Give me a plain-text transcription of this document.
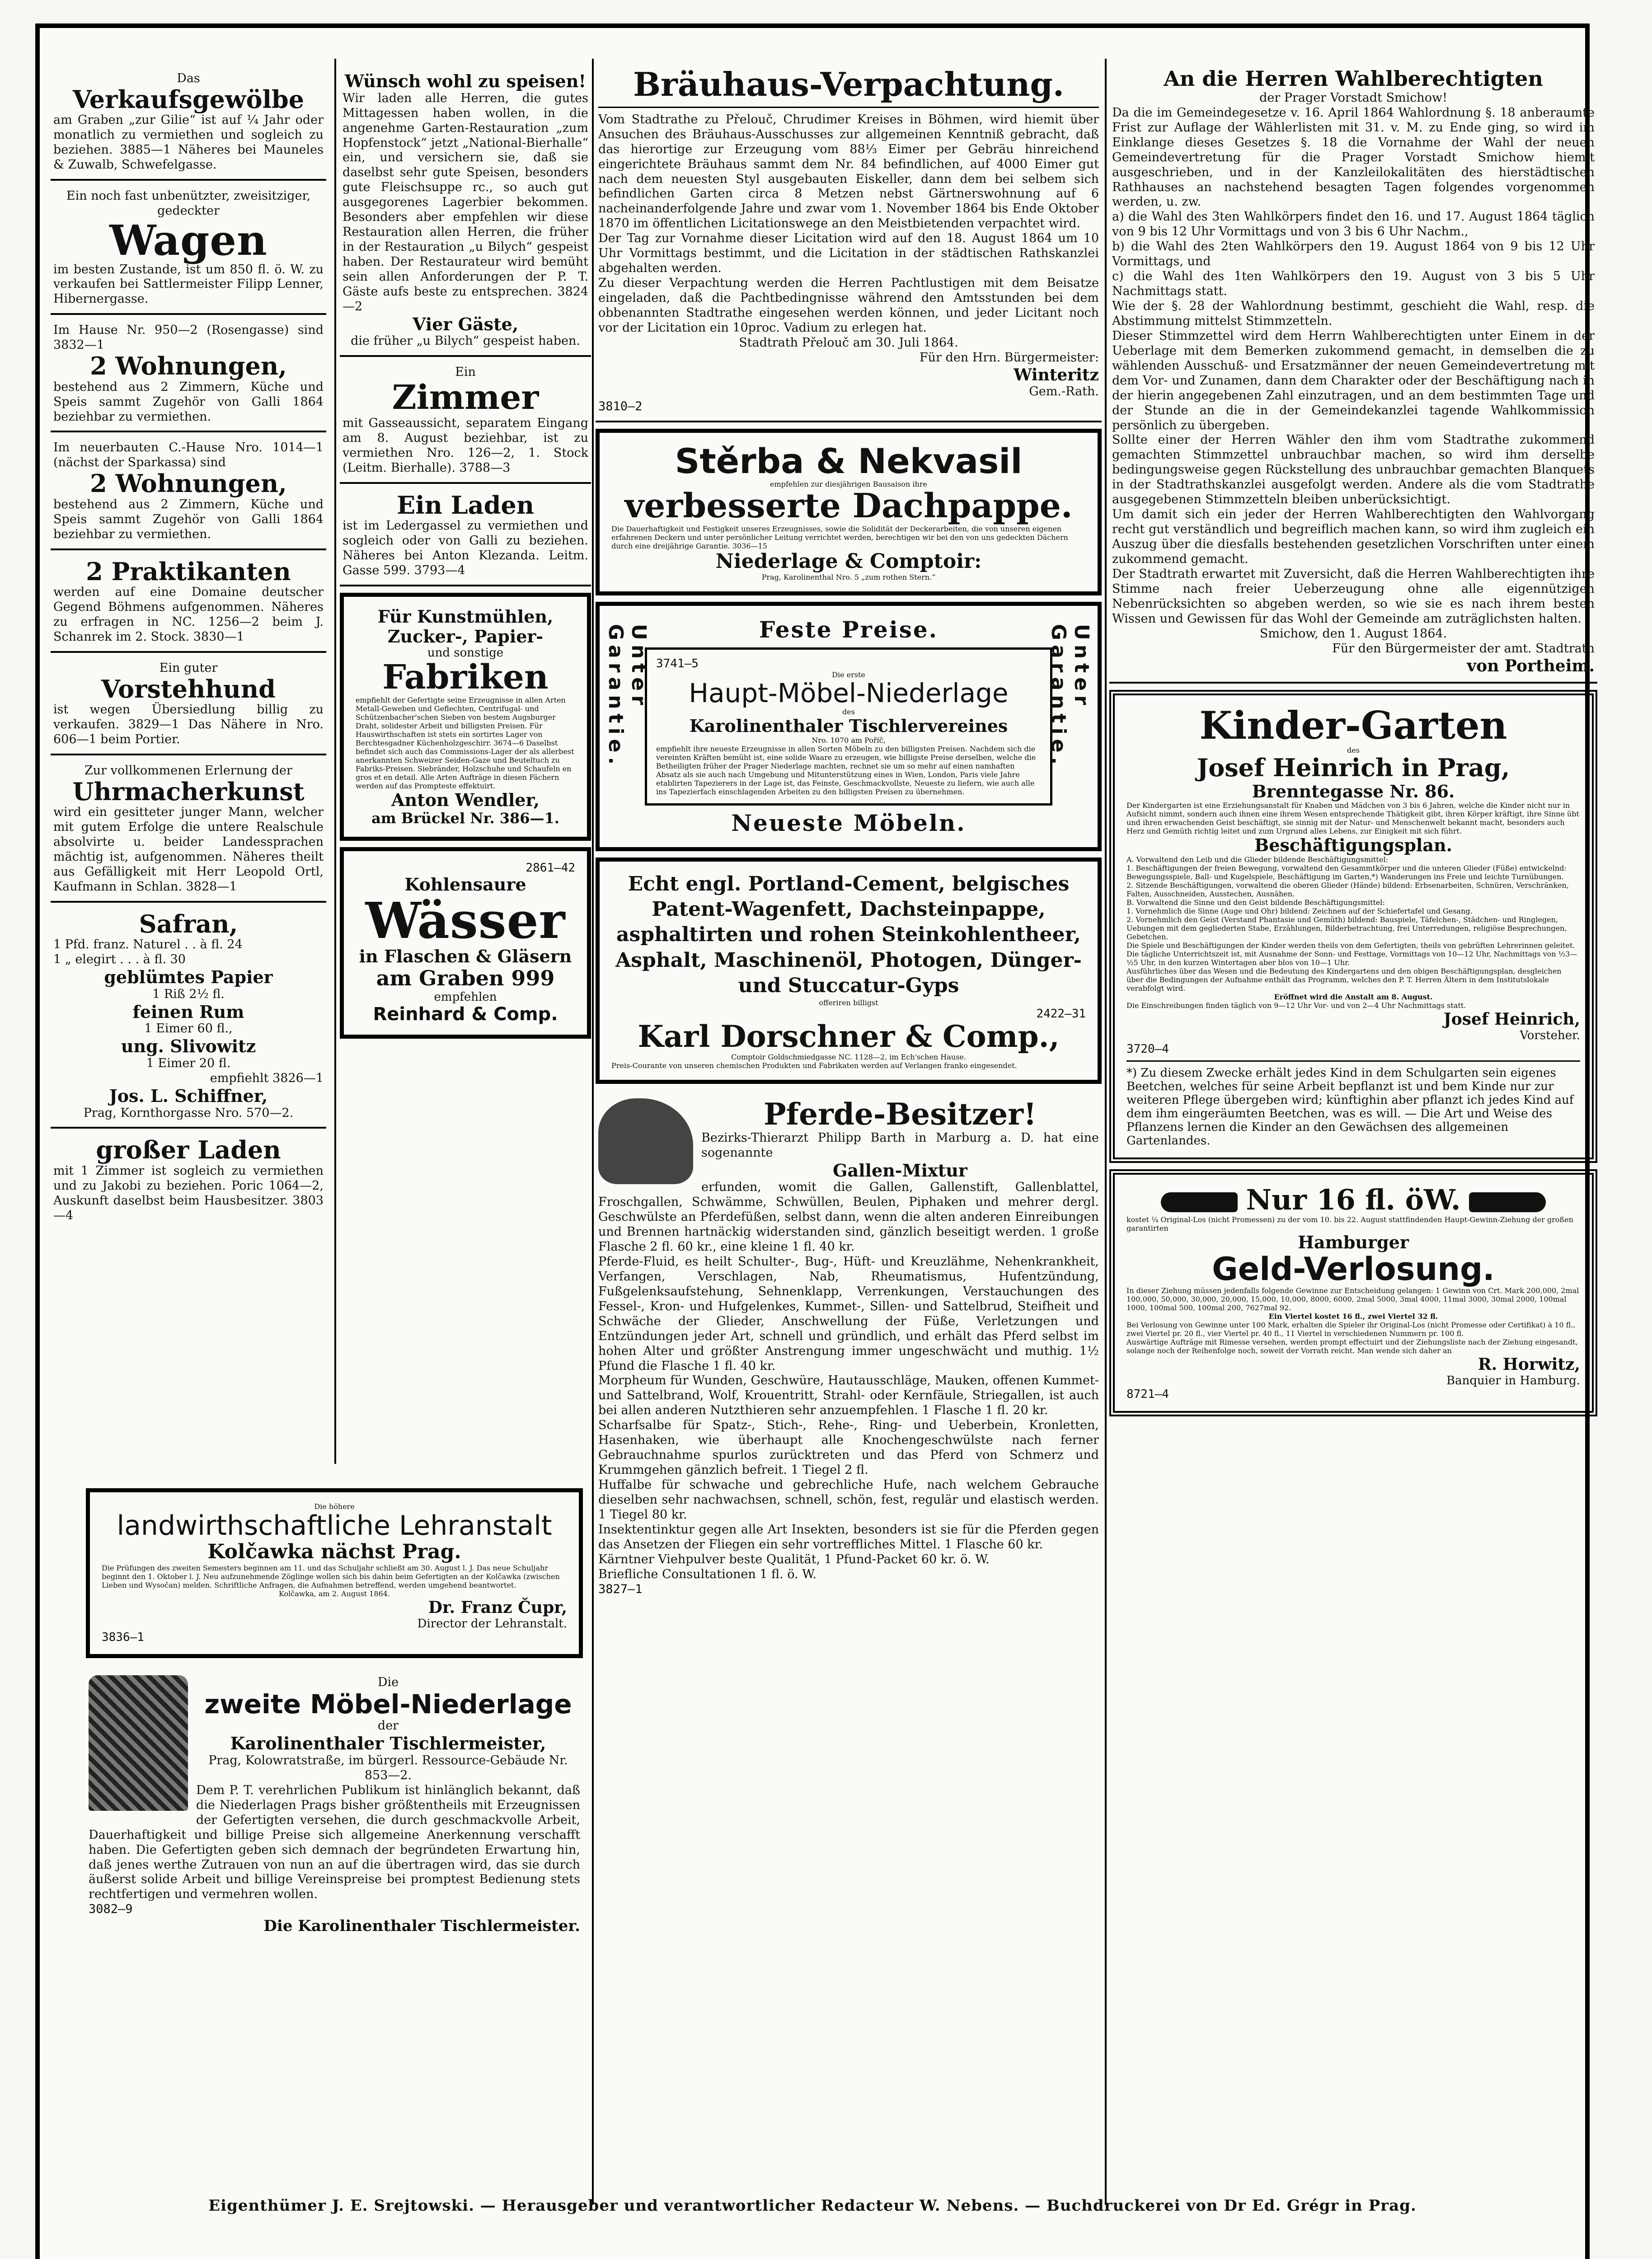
Das

Verkaufsgewölbe

am Graben „zur Gilie“ ist auf ¼ Jahr oder monatlich zu vermiethen und sogleich zu beziehen. 3885—1 Näheres bei Mauneles & Zuwalb, Schwefelgasse.

Ein noch fast unbenützter, zweisitziger, gedeckter

Wagen

im besten Zustande, ist um 850 fl. ö. W. zu verkaufen bei Sattlermeister Filipp Lenner, Hibernergasse.

Im Hause Nr. 950—2 (Rosengasse) sind 3832—1

2 Wohnungen,

bestehend aus 2 Zimmern, Küche und Speis sammt Zugehör von Galli 1864 beziehbar zu vermiethen.

Im neuerbauten C.-Hause Nro. 1014—1 (nächst der Sparkassa) sind

2 Wohnungen,

bestehend aus 2 Zimmern, Küche und Speis sammt Zugehör von Galli 1864 beziehbar zu vermiethen.

2 Praktikanten

werden auf eine Domaine deutscher Gegend Böhmens aufgenommen. Näheres zu erfragen in NC. 1256—2 beim J. Schanrek im 2. Stock. 3830—1

Ein guter

Vorstehhund

ist wegen Übersiedlung billig zu verkaufen. 3829—1 Das Nähere in Nro. 606—1 beim Portier.

Zur vollkommenen Erlernung der

Uhrmacherkunst

wird ein gesitteter junger Mann, welcher mit gutem Erfolge die untere Realschule absolvirte u. beider Landessprachen mächtig ist, aufgenommen. Näheres theilt aus Gefälligkeit mit Herr Leopold Ortl, Kaufmann in Schlan. 3828—1

Safran,

1 Pfd. franz. Naturel . . à fl. 24

1 „ elegirt . . . à fl. 30

geblümtes Papier

1 Riß 2½ fl.

feinen Rum

1 Eimer 60 fl.,

ung. Slivowitz

1 Eimer 20 fl.

empfiehlt 3826—1

Jos. L. Schiffner,

Prag, Kornthorgasse Nro. 570—2.

großer Laden

mit 1 Zimmer ist sogleich zu vermiethen und zu Jakobi zu beziehen. Poric 1064—2, Auskunft daselbst beim Hausbesitzer. 3803—4

Wünsch wohl zu speisen!

Wir laden alle Herren, die gutes Mittagessen haben wollen, in die angenehme Garten-Restauration „zum Hopfenstock“ jetzt „National-Bierhalle“ ein, und versichern sie, daß sie daselbst sehr gute Speisen, besonders gute Fleischsuppe rc., so auch gut ausgegorenes Lagerbier bekommen. Besonders aber empfehlen wir diese Restauration allen Herren, die früher in der Restauration „u Bilych“ gespeist haben. Der Restaurateur wird bemüht sein allen Anforderungen der P. T. Gäste aufs beste zu entsprechen. 3824—2

Vier Gäste,

die früher „u Bilych“ gespeist haben.

Ein

Zimmer

mit Gasseaussicht, separatem Eingang am 8. August beziehbar, ist zu vermiethen Nro. 126—2, 1. Stock (Leitm. Bierhalle). 3788—3

Ein Laden

ist im Ledergassel zu vermiethen und sogleich oder von Galli zu beziehen. Näheres bei Anton Klezanda. Leitm. Gasse 599. 3793—4

Für Kunstmühlen,
Zucker-, Papier-

und sonstige

Fabriken

empfiehlt der Gefertigte seine Erzeugnisse in allen Arten Metall-Geweben und Geflechten, Centrifugal- und Schützenbacher'schen Sieben von bestem Augsburger Draht, solidester Arbeit und billigsten Preisen. Für Hauswirthschaften ist stets ein sortirtes Lager von Berchtesgadner Küchenholzgeschirr. 3674—6 Daselbst befindet sich auch das Commissions-Lager der als allerbest anerkannten Schweizer Seiden-Gaze und Beuteltuch zu Fabriks-Preisen. Siebränder, Holzschuhe und Schaufeln en gros et en detail. Alle Arten Aufträge in diesen Fächern werden auf das Prompteste effektuirt.

Anton Wendler,
am Brückel Nr. 386—1.

2861—42

Kohlensaure
Wässer
in Flaschen & Gläsern
am Graben 999

empfehlen

Reinhard & Comp.
Bräuhaus-Verpachtung.

Vom Stadtrathe zu Přelouč, Chrudimer Kreises in Böhmen, wird hiemit über Ansuchen des Bräuhaus-Ausschusses zur allgemeinen Kenntniß gebracht, daß das hierortige zur Erzeugung vom 88⅓ Eimer per Gebräu hinreichend eingerichtete Bräuhaus sammt dem Nr. 84 befindlichen, auf 4000 Eimer gut nach dem neuesten Styl ausgebauten Eiskeller, dann dem bei selbem sich befindlichen Garten circa 8 Metzen nebst Gärtnerswohnung auf 6 nacheinanderfolgende Jahre und zwar vom 1. November 1864 bis Ende Oktober 1870 im öffentlichen Licitationswege an den Meistbietenden verpachtet wird.

Der Tag zur Vornahme dieser Licitation wird auf den 18. August 1864 um 10 Uhr Vormittags bestimmt, und die Licitation in der städtischen Rathskanzlei abgehalten werden.

Zu dieser Verpachtung werden die Herren Pachtlustigen mit dem Beisatze eingeladen, daß die Pachtbedingnisse während den Amtsstunden bei dem obbenannten Stadtrathe eingesehen werden können, und jeder Licitant noch vor der Licitation ein 10proc. Vadium zu erlegen hat.

Stadtrath Přelouč am 30. Juli 1864.

Für den Hrn. Bürgermeister:

Winteritz

Gem.-Rath.

3810—2

Stěrba & Nekvasil

empfehlen zur diesjährigen Bausaison ihre

verbesserte Dachpappe.

Die Dauerhaftigkeit und Festigkeit unseres Erzeugnisses, sowie die Solidität der Deckerarbeiten, die von unseren eigenen erfahrenen Deckern und unter persönlicher Leitung verrichtet werden, berechtigen wir bei den von uns gedeckten Dächern durch eine dreijährige Garantie. 3036—15

Niederlage & Comptoir:

Prag, Karolinenthal Nro. 5 „zum rothen Stern.“

Feste Preise.
Unter Garantie.	Unter Garantie.

3741—5

Die erste

Haupt-Möbel-Niederlage

des

Karolinenthaler Tischlervereines

Nro. 1070 am Poříč,

empfiehlt ihre neueste Erzeugnisse in allen Sorten Möbeln zu den billigsten Preisen. Nachdem sich die vereinten Kräften bemüht ist, eine solide Waare zu erzeugen, wie billigste Preise derselben, welche die Betheiligten früher der Prager Niederlage machten, rechnet sie um so mehr auf einen namhaften Absatz als sie auch nach Umgebung und Mitunterstützung eines in Wien, London, Paris viele Jahre etablirten Tapezierers in der Lage ist, das Feinste, Geschmackvollste, Neueste zu liefern, wie auch alle ins Tapezierfach einschlagenden Arbeiten zu den billigsten Preisen zu übernehmen.

Neueste Möbeln.
Echt engl. Portland-Cement, belgisches Patent-Wagenfett, Dachsteinpappe, asphaltirten und rohen Steinkohlentheer, Asphalt, Maschinenöl, Photogen, Dünger- und Stuccatur-Gyps

offeriren billigst

2422—31

Karl Dorschner & Comp.,

Comptoir Goldschmiedgasse NC. 1128—2, im Ech'schen Hause.

Preis-Courante von unseren chemischen Produkten und Fabrikaten werden auf Verlangen franko eingesendet.

Pferde-Besitzer!

Bezirks-Thierarzt Philipp Barth in Marburg a. D. hat eine sogenannte

Gallen-Mixtur

erfunden, womit die Gallen, Gallenstift, Gallenblattel, Froschgallen, Schwämme, Schwüllen, Beulen, Piphaken und mehrer dergl. Geschwülste an Pferdefüßen, selbst dann, wenn die alten anderen Einreibungen und Brennen hartnäckig widerstanden sind, gänzlich beseitigt werden. 1 große Flasche 2 fl. 60 kr., eine kleine 1 fl. 40 kr.

Pferde-Fluid, es heilt Schulter-, Bug-, Hüft- und Kreuzlähme, Nehenkrankheit, Verfangen, Verschlagen, Nab, Rheumatismus, Hufentzündung, Fußgelenksaufstehung, Sehnenklapp, Verrenkungen, Verstauchungen des Fessel-, Kron- und Hufgelenkes, Kummet-, Sillen- und Sattelbrud, Steifheit und Schwäche der Glieder, Anschwellung der Füße, Verletzungen und Entzündungen jeder Art, schnell und gründlich, und erhält das Pferd selbst im hohen Alter und größter Anstrengung immer ungeschwächt und muthig. 1½ Pfund die Flasche 1 fl. 40 kr.

Morpheum für Wunden, Geschwüre, Hautausschläge, Mauken, offenen Kummet- und Sattelbrand, Wolf, Krouentritt, Strahl- oder Kernfäule, Striegallen, ist auch bei allen anderen Nutzthieren sehr anzuempfehlen. 1 Flasche 1 fl. 20 kr.

Scharfsalbe für Spatz-, Stich-, Rehe-, Ring- und Ueberbein, Kronletten, Hasenhaken, wie überhaupt alle Knochengeschwülste nach ferner Gebrauchnahme spurlos zurücktreten und das Pferd von Schmerz und Krummgehen gänzlich befreit. 1 Tiegel 2 fl.

Huffalbe für schwache und gebrechliche Hufe, nach welchem Gebrauche dieselben sehr nachwachsen, schnell, schön, fest, regulär und elastisch werden. 1 Tiegel 80 kr.

Insektentinktur gegen alle Art Insekten, besonders ist sie für die Pferden gegen das Ansetzen der Fliegen ein sehr vortreffliches Mittel. 1 Flasche 60 kr.

Kärntner Viehpulver beste Qualität, 1 Pfund-Packet 60 kr. ö. W.

Briefliche Consultationen 1 fl. ö. W.

3827—1

An die Herren Wahlberechtigten

der Prager Vorstadt Smichow!

Da die im Gemeindegesetze v. 16. April 1864 Wahlordnung §. 18 anberaumte Frist zur Auflage der Wählerlisten mit 31. v. M. zu Ende ging, so wird im Einklange dieses Gesetzes §. 18 die Vornahme der Wahl der neuen Gemeindevertretung für die Prager Vorstadt Smichow hiemit ausgeschrieben, und in der Kanzleilokalitäten des hierstädtischen Rathhauses an nachstehend besagten Tagen folgendes vorgenommen werden, u. zw.

a) die Wahl des 3ten Wahlkörpers findet den 16. und 17. August 1864 täglich von 9 bis 12 Uhr Vormittags und von 3 bis 6 Uhr Nachm.,

b) die Wahl des 2ten Wahlkörpers den 19. August 1864 von 9 bis 12 Uhr Vormittags, und

c) die Wahl des 1ten Wahlkörpers den 19. August von 3 bis 5 Uhr Nachmittags statt.

Wie der §. 28 der Wahlordnung bestimmt, geschieht die Wahl, resp. die Abstimmung mittelst Stimmzetteln.

Dieser Stimmzettel wird dem Herrn Wahlberechtigten unter Einem in der Ueberlage mit dem Bemerken zukommend gemacht, in demselben die zu wählenden Ausschuß- und Ersatzmänner der neuen Gemeindevertretung mit dem Vor- und Zunamen, dann dem Charakter oder der Beschäftigung nach in der hierin angegebenen Zahl einzutragen, und an dem bestimmten Tage und der Stunde an die in der Gemeindekanzlei tagende Wahlkommission persönlich zu übergeben.

Sollte einer der Herren Wähler den ihm vom Stadtrathe zukommend gemachten Stimmzettel unbrauchbar machen, so wird ihm derselbe bedingungsweise gegen Rückstellung des unbrauchbar gemachten Blanquets in der Stadtrathskanzlei ausgefolgt werden. Andere als die vom Stadtrathe ausgegebenen Stimmzetteln bleiben unberücksichtigt.

Um damit sich ein jeder der Herren Wahlberechtigten den Wahlvorgang recht gut verständlich und begreiflich machen kann, so wird ihm zugleich ein Auszug über die diesfalls bestehenden gesetzlichen Vorschriften unter einem zukommend gemacht.

Der Stadtrath erwartet mit Zuversicht, daß die Herren Wahlberechtigten ihre Stimme nach freier Ueberzeugung ohne alle eigennützigen Nebenrücksichten so abgeben werden, so wie sie es nach ihrem besten Wissen und Gewissen für das Wohl der Gemeinde am zuträglichsten halten.

Smichow, den 1. August 1864.

Für den Bürgermeister der amt. Stadtrath

von Portheim.
Kinder-Garten

des

Josef Heinrich in Prag,
Brenntegasse Nr. 86.

Der Kindergarten ist eine Erziehungsanstalt für Knaben und Mädchen von 3 bis 6 Jahren, welche die Kinder nicht nur in Aufsicht nimmt, sondern auch ihnen eine ihrem Wesen entsprechende Thätigkeit gibt, ihren Körper kräftigt, ihre Sinne übt und ihren erwachenden Geist beschäftigt, sie sinnig mit der Natur- und Menschenwelt bekannt macht, besonders auch Herz und Gemüth richtig leitet und zum Urgrund alles Lebens, zur Einigkeit mit sich führt.

Beschäftigungsplan.

A. Vorwaltend den Leib und die Glieder bildende Beschäftigungsmittel:

1. Beschäftigungen der freien Bewegung, vorwaltend den Gesammtkörper und die unteren Glieder (Füße) entwickelnd: Bewegungsspiele, Ball- und Kugelspiele, Beschäftigung im Garten,*) Wanderungen ins Freie und leichte Turnübungen.

2. Sitzende Beschäftigungen, vorwaltend die oberen Glieder (Hände) bildend: Erbsenarbeiten, Schnüren, Verschränken, Falten, Ausschneiden, Ausstechen, Ausnähen.

B. Vorwaltend die Sinne und den Geist bildende Beschäftigungsmittel:

1. Vornehmlich die Sinne (Auge und Ohr) bildend: Zeichnen auf der Schiefertafel und Gesang.

2. Vornehmlich den Geist (Verstand Phantasie und Gemüth) bildend: Bauspiele, Täfelchen-, Städchen- und Ringlegen, Uebungen mit dem gegliederten Stabe, Erzählungen, Bilderbetrachtung, frei Unterredungen, religiöse Besprechungen, Gebetchen.

Die Spiele und Beschäftigungen der Kinder werden theils von dem Gefertigten, theils von gebrüften Lehrerinnen geleitet.

Die tägliche Unterrichtszeit ist, mit Ausnahme der Sonn- und Festtage, Vormittags von 10—12 Uhr, Nachmittags von ½3—½5 Uhr, in den kurzen Wintertagen aber blos von 10—1 Uhr.

Ausführliches über das Wesen und die Bedeutung des Kindergartens und den obigen Beschäftigungsplan, desgleichen über die Bedingungen der Aufnahme enthält das Programm, welches den P. T. Herren Ältern in dem Institutslokale verabfolgt wird.

Eröffnet wird die Anstalt am 8. August.

Die Einschreibungen finden täglich von 9—12 Uhr Vor- und von 2—4 Uhr Nachmittags statt.

Josef Heinrich,

Vorsteher.

3720—4

*) Zu diesem Zwecke erhält jedes Kind in dem Schulgarten sein eigenes Beetchen, welches für seine Arbeit bepflanzt ist und bem Kinde nur zur weiteren Pflege übergeben wird; künftighin aber pflanzt ich jedes Kind auf dem ihm eingeräumten Beetchen, was es will. — Die Art und Weise des Pflanzens lernen die Kinder an den Gewächsen des allgemeinen Gartenlandes.

Nur 16 fl. öW.

kostet ¼ Original-Los (nicht Promessen) zu der vom 10. bis 22. August stattfindenden Haupt-Gewinn-Ziehung der großen garantirten

Hamburger
Geld-Verlosung.

In dieser Ziehung müssen jedenfalls folgende Gewinne zur Entscheidung gelangen: 1 Gewinn von Crt. Mark 200,000, 2mal 100,000, 50,000, 30,000, 20,000, 15,000, 10,000, 8000, 6000, 2mal 5000, 3mal 4000, 11mal 3000, 30mal 2000, 100mal 1000, 100mal 500, 100mal 200, 7627mal 92.

Ein Viertel kostet 16 fl., zwei Viertel 32 fl.

Bei Verlosung von Gewinne unter 100 Mark, erhalten die Spieler ihr Original-Los (nicht Promesse oder Certifikat) à 10 fl., zwei Viertel pr. 20 fl., vier Viertel pr. 40 fl., 11 Viertel in verschiedenen Nummern pr. 100 fl.

Auswärtige Aufträge mit Rimesse versehen, werden prompt effectuirt und der Ziehungsliste nach der Ziehung eingesandt, solange noch der Reihenfolge noch, soweit der Vorrath reicht. Man wende sich daher an

R. Horwitz,

Banquier in Hamburg.

8721—4

Die höhere

landwirthschaftliche Lehranstalt
Kolčawka nächst Prag.

Die Prüfungen des zweiten Semesters beginnen am 11. und das Schuljahr schließt am 30. August l. J. Das neue Schuljahr beginnt den 1. Oktober l. J. Neu aufzunehmende Zöglinge wollen sich bis dahin beim Gefertigten an der Kolčawka (zwischen Lieben und Wysočan) melden. Schriftliche Anfragen, die Aufnahmen betreffend, werden umgehend beantwortet.

Kolčawka, am 2. August 1864.

Dr. Franz Čupr,

Director der Lehranstalt.

3836—1

Die

zweite Möbel-Niederlage

der

Karolinenthaler Tischlermeister,

Prag, Kolowratstraße, im bürgerl. Ressource-Gebäude Nr. 853—2.

Dem P. T. verehrlichen Publikum ist hinlänglich bekannt, daß die Niederlagen Prags bisher größtentheils mit Erzeugnissen der Gefertigten versehen, die durch geschmackvolle Arbeit, Dauerhaftigkeit und billige Preise sich allgemeine Anerkennung verschafft haben. Die Gefertigten geben sich demnach der begründeten Erwartung hin, daß jenes werthe Zutrauen von nun an auf die übertragen wird, das sie durch äußerst solide Arbeit und billige Vereinspreise bei promptest Bedienung stets rechtfertigen und vermehren wollen.

3082—9

Die Karolinenthaler Tischlermeister.
Eigenthümer J. E. Srejtowski. — Herausgeber und verantwortlicher Redacteur W. Nebens. — Buchdruckerei von Dr Ed. Grégr in Prag.
